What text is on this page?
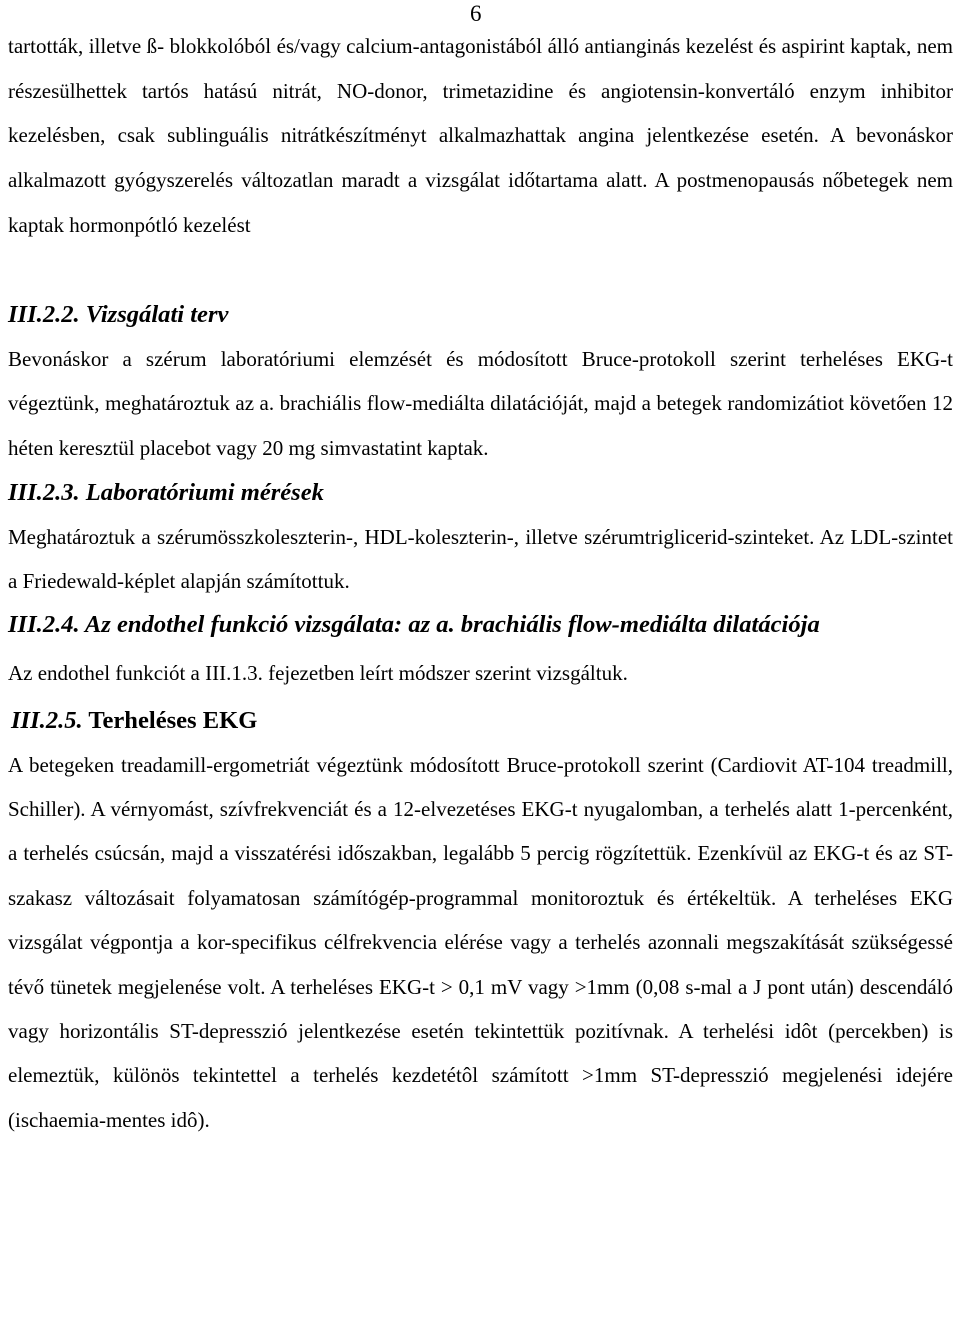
6

tartották, illetve ß- blokkolóból és/vagy calcium-antagonistából álló antianginás kezelést és aspirint kaptak, nem részesülhettek tartós hatású nitrát, NO-donor, trimetazidine és angiotensin-konvertáló enzym inhibitor kezelésben, csak sublinguális nitrátkészítményt alkalmazhattak angina jelentkezése esetén. A bevonáskor alkalmazott gyógyszerelés változatlan maradt a vizsgálat időtartama alatt. A postmenopausás nőbetegek nem kaptak hormonpótló kezelést

III.2.2. Vizsgálati terv

Bevonáskor a szérum laboratóriumi elemzését és módosított Bruce-protokoll szerint terheléses EKG-t végeztünk, meghatároztuk az a. brachiális flow-mediálta dilatációját, majd a betegek randomizátiot követően 12 héten keresztül placebot vagy 20 mg simvastatint kaptak.

III.2.3. Laboratóriumi mérések

Meghatároztuk a szérumösszkoleszterin-, HDL-koleszterin-, illetve szérumtriglicerid-szinteket. Az LDL-szintet a Friedewald-képlet alapján számítottuk.

III.2.4. Az endothel funkció vizsgálata: az a. brachiális flow-mediálta dilatációja

Az endothel funkciót a III.1.3. fejezetben leírt módszer szerint vizsgáltuk.

III.2.5. Terheléses EKG

A betegeken treadamill-ergometriát végeztünk módosított Bruce-protokoll szerint (Cardiovit AT-104 treadmill, Schiller). A vérnyomást, szívfrekvenciát és a 12-elvezetéses EKG-t nyugalomban, a terhelés alatt 1-percenként, a terhelés csúcsán, majd a visszatérési időszakban, legalább 5 percig rögzítettük. Ezenkívül az EKG-t és az ST-szakasz változásait folyamatosan számítógép-programmal monitoroztuk és értékeltük. A terheléses EKG vizsgálat végpontja a kor-specifikus célfrekvencia elérése vagy a terhelés azonnali megszakítását szükségessé tévő tünetek megjelenése volt. A terheléses EKG-t > 0,1 mV vagy >1mm (0,08 s-mal a J pont után) descendáló vagy horizontális ST-depresszió jelentkezése esetén tekintettük pozitívnak. A terhelési idôt (percekben) is elemeztük, különös tekintettel a terhelés kezdetétôl számított >1mm ST-depresszió megjelenési idejére (ischaemia-mentes idô).
